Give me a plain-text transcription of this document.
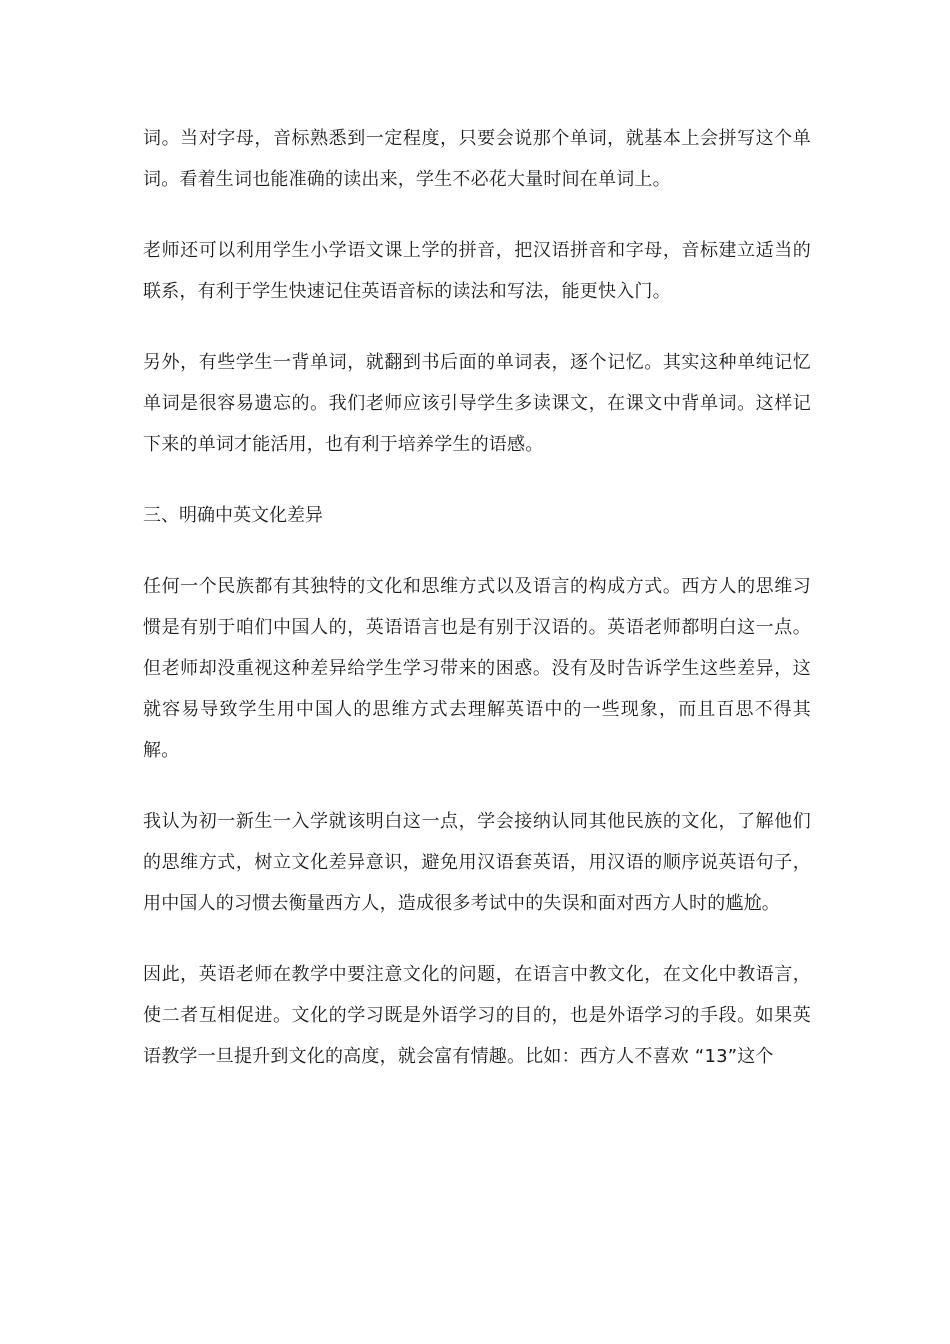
词。当对字母，音标熟悉到一定程度，只要会说那个单词，就基本上会拼写这个单词。看着生词也能准确的读出来，学生不必花大量时间在单词上。

老师还可以利用学生小学语文课上学的拼音，把汉语拼音和字母，音标建立适当的联系，有利于学生快速记住英语音标的读法和写法，能更快入门。

另外，有些学生一背单词，就翻到书后面的单词表，逐个记忆。其实这种单纯记忆单词是很容易遗忘的。我们老师应该引导学生多读课文，在课文中背单词。这样记下来的单词才能活用，也有利于培养学生的语感。

三、明确中英文化差异

任何一个民族都有其独特的文化和思维方式以及语言的构成方式。西方人的思维习惯是有别于咱们中国人的，英语语言也是有别于汉语的。英语老师都明白这一点。但老师却没重视这种差异给学生学习带来的困惑。没有及时告诉学生这些差异，这就容易导致学生用中国人的思维方式去理解英语中的一些现象，而且百思不得其解。

我认为初一新生一入学就该明白这一点，学会接纳认同其他民族的文化，了解他们的思维方式，树立文化差异意识，避免用汉语套英语，用汉语的顺序说英语句子，用中国人的习惯去衡量西方人，造成很多考试中的失误和面对西方人时的尴尬。

因此，英语老师在教学中要注意文化的问题，在语言中教文化，在文化中教语言，使二者互相促进。文化的学习既是外语学习的目的，也是外语学习的手段。如果英语教学一旦提升到文化的高度，就会富有情趣。比如：西方人不喜欢 “13”这个
